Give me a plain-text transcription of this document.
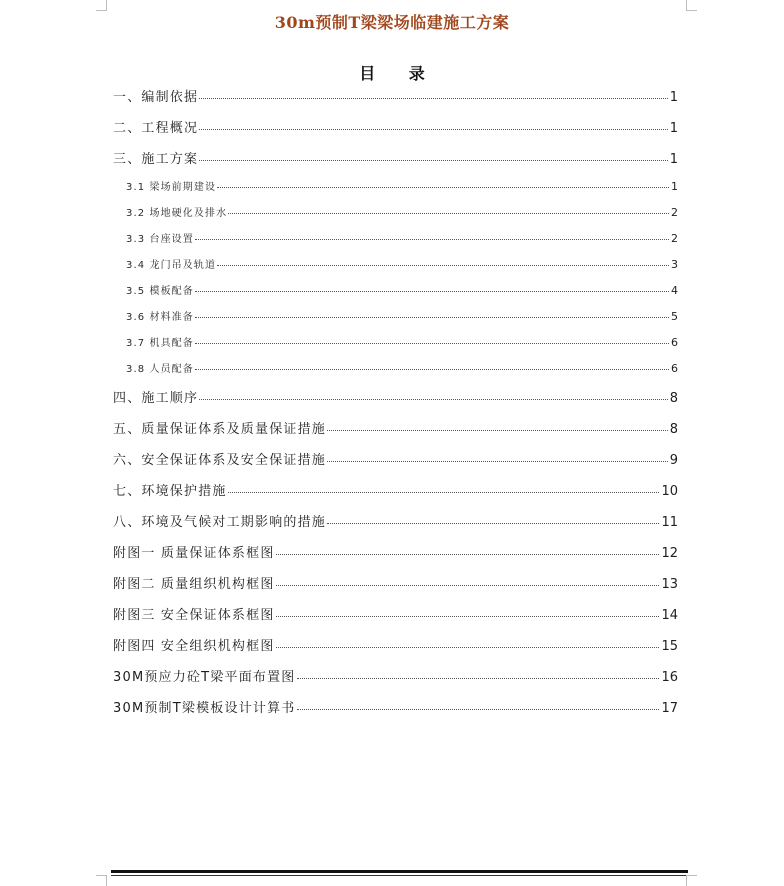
30m预制T梁梁场临建施工方案
目 录
一、编制依据	1
二、工程概况	1
三、施工方案	1
3.1 梁场前期建设	1
3.2 场地硬化及排水	2
3.3 台座设置	2
3.4 龙门吊及轨道	3
3.5 模板配备	4
3.6 材料准备	5
3.7 机具配备	6
3.8 人员配备	6
四、施工顺序	8
五、质量保证体系及质量保证措施	8
六、安全保证体系及安全保证措施	9
七、环境保护措施	10
八、环境及气候对工期影响的措施	11
附图一 质量保证体系框图	12
附图二 质量组织机构框图	13
附图三 安全保证体系框图	14
附图四 安全组织机构框图	15
30M预应力砼T梁平面布置图	16
30M预制T梁模板设计计算书	17
